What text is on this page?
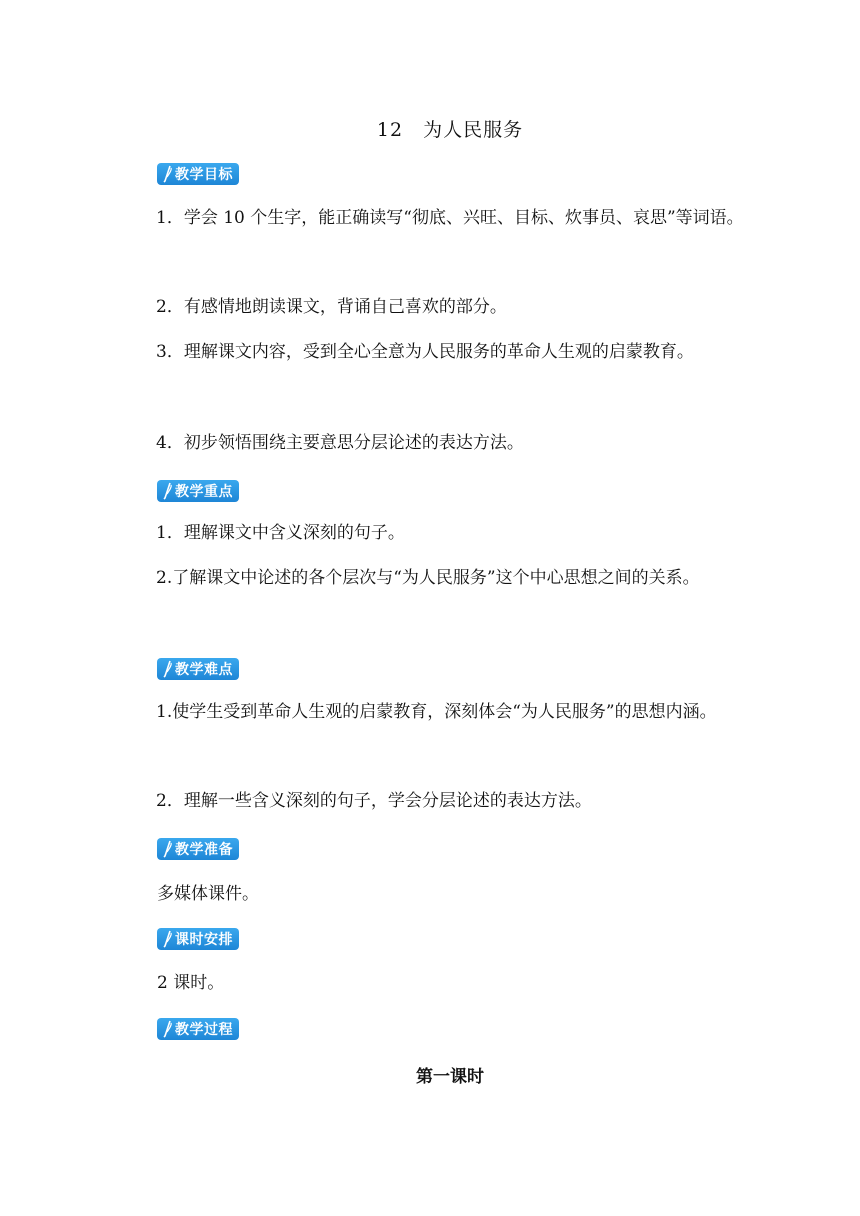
12　为人民服务
教学目标
1．学会 10 个生字，能正确读写“彻底、兴旺、目标、炊事员、哀思”等词语。
2．有感情地朗读课文，背诵自己喜欢的部分。
3．理解课文内容，受到全心全意为人民服务的革命人生观的启蒙教育。
4．初步领悟围绕主要意思分层论述的表达方法。
教学重点
1．理解课文中含义深刻的句子。
2.了解课文中论述的各个层次与“为人民服务”这个中心思想之间的关系。
教学难点
1.使学生受到革命人生观的启蒙教育，深刻体会“为人民服务”的思想内涵。
2．理解一些含义深刻的句子，学会分层论述的表达方法。
教学准备
多媒体课件。
课时安排
2 课时。
教学过程
第一课时
